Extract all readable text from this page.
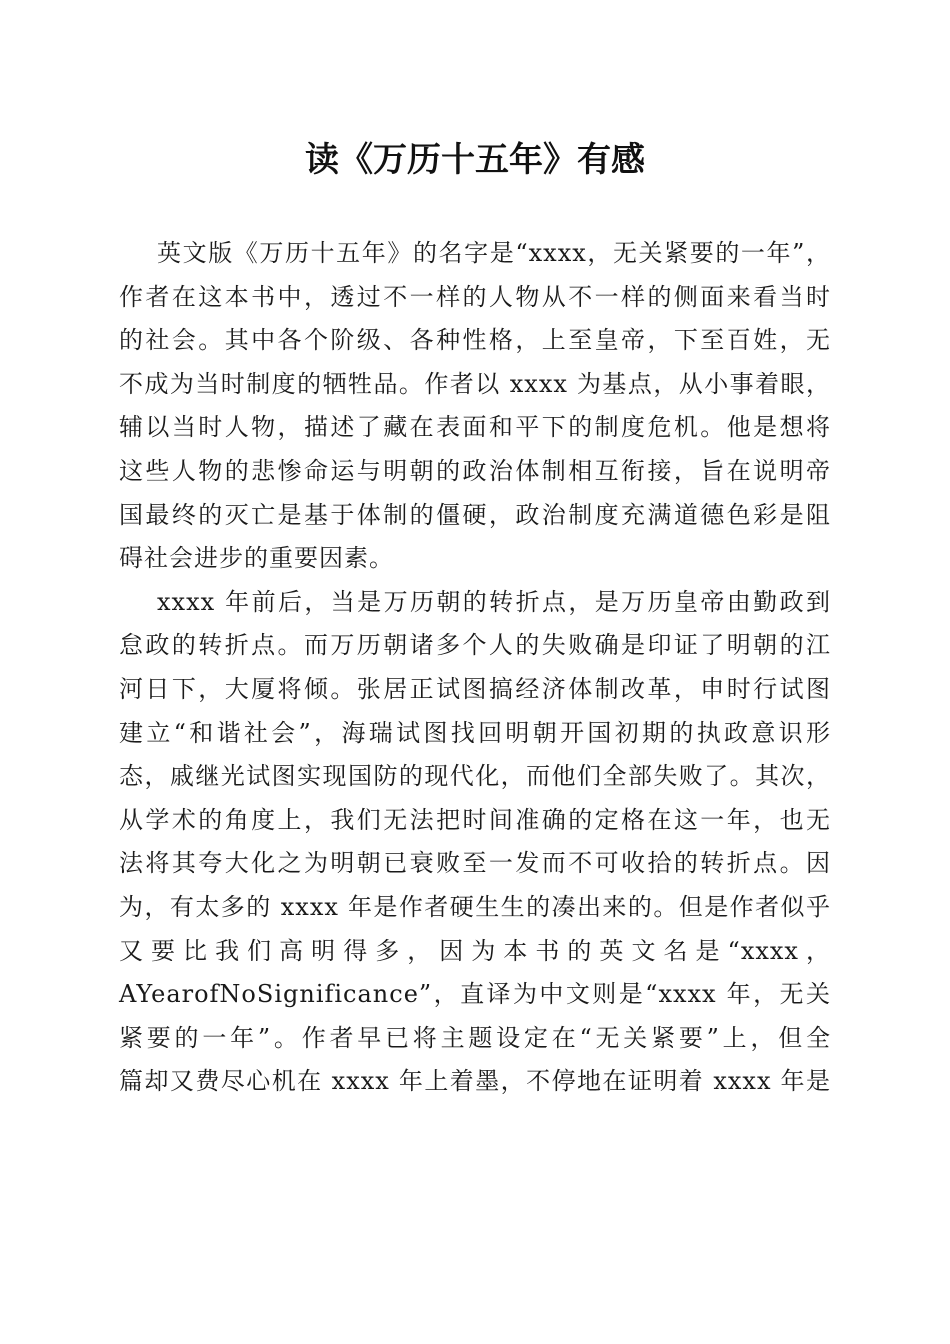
读《万历十五年》有感
英文版《万历十五年》的名字是“xxxx，无关紧要的一年”，
作者在这本书中，透过不一样的人物从不一样的侧面来看当时
的社会。其中各个阶级、各种性格，上至皇帝，下至百姓，无
不成为当时制度的牺牲品。作者以 xxxx 为基点，从小事着眼，
辅以当时人物，描述了藏在表面和平下的制度危机。他是想将
这些人物的悲惨命运与明朝的政治体制相互衔接，旨在说明帝
国最终的灭亡是基于体制的僵硬，政治制度充满道德色彩是阻
碍社会进步的重要因素。
xxxx 年前后，当是万历朝的转折点，是万历皇帝由勤政到
怠政的转折点。而万历朝诸多个人的失败确是印证了明朝的江
河日下，大厦将倾。张居正试图搞经济体制改革，申时行试图
建立“和谐社会”，海瑞试图找回明朝开国初期的执政意识形
态，戚继光试图实现国防的现代化，而他们全部失败了。其次，
从学术的角度上，我们无法把时间准确的定格在这一年，也无
法将其夸大化之为明朝已衰败至一发而不可收拾的转折点。因
为，有太多的 xxxx 年是作者硬生生的凑出来的。但是作者似乎
又要比我们高明得多，因为本书的英文名是“xxxx，
AYearofNoSignificance”，直译为中文则是“xxxx 年，无关
紧要的一年”。作者早已将主题设定在“无关紧要”上，但全
篇却又费尽心机在 xxxx 年上着墨，不停地在证明着 xxxx 年是
